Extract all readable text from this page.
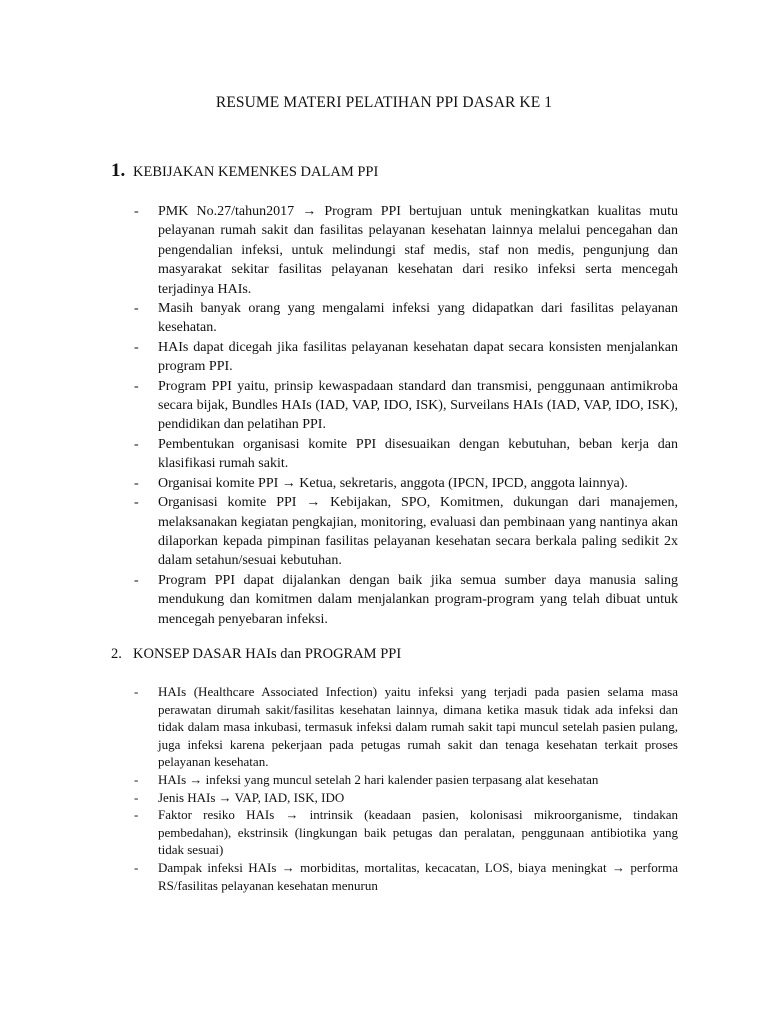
RESUME MATERI PELATIHAN PPI DASAR KE 1
1. KEBIJAKAN KEMENKES DALAM PPI
- PMK No.27/tahun2017 → Program PPI bertujuan untuk meningkatkan kualitas mutu pelayanan rumah sakit dan fasilitas pelayanan kesehatan lainnya melalui pencegahan dan pengendalian infeksi, untuk melindungi staf medis, staf non medis, pengunjung dan masyarakat sekitar fasilitas pelayanan kesehatan dari resiko infeksi serta mencegah terjadinya HAIs.
- Masih banyak orang yang mengalami infeksi yang didapatkan dari fasilitas pelayanan kesehatan.
- HAIs dapat dicegah jika fasilitas pelayanan kesehatan dapat secara konsisten menjalankan program PPI.
- Program PPI yaitu, prinsip kewaspadaan standard dan transmisi, penggunaan antimikroba secara bijak, Bundles HAIs (IAD, VAP, IDO, ISK), Surveilans HAIs (IAD, VAP, IDO, ISK), pendidikan dan pelatihan PPI.
- Pembentukan organisasi komite PPI disesuaikan dengan kebutuhan, beban kerja dan klasifikasi rumah sakit.
- Organisai komite PPI → Ketua, sekretaris, anggota (IPCN, IPCD, anggota lainnya).
- Organisasi komite PPI → Kebijakan, SPO, Komitmen, dukungan dari manajemen, melaksanakan kegiatan pengkajian, monitoring, evaluasi dan pembinaan yang nantinya akan dilaporkan kepada pimpinan fasilitas pelayanan kesehatan secara berkala paling sedikit 2x dalam setahun/sesuai kebutuhan.
- Program PPI dapat dijalankan dengan baik jika semua sumber daya manusia saling mendukung dan komitmen dalam menjalankan program-program yang telah dibuat untuk mencegah penyebaran infeksi.
2. KONSEP DASAR HAIs dan PROGRAM PPI
- HAIs (Healthcare Associated Infection) yaitu infeksi yang terjadi pada pasien selama masa perawatan dirumah sakit/fasilitas kesehatan lainnya, dimana ketika masuk tidak ada infeksi dan tidak dalam masa inkubasi, termasuk infeksi dalam rumah sakit tapi muncul setelah pasien pulang, juga infeksi karena pekerjaan pada petugas rumah sakit dan tenaga kesehatan terkait proses pelayanan kesehatan.
- HAIs → infeksi yang muncul setelah 2 hari kalender pasien terpasang alat kesehatan
- Jenis HAIs → VAP, IAD, ISK, IDO
- Faktor resiko HAIs → intrinsik (keadaan pasien, kolonisasi mikroorganisme, tindakan pembedahan), ekstrinsik (lingkungan baik petugas dan peralatan, penggunaan antibiotika yang tidak sesuai)
- Dampak infeksi HAIs → morbiditas, mortalitas, kecacatan, LOS, biaya meningkat → performa RS/fasilitas pelayanan kesehatan menurun
